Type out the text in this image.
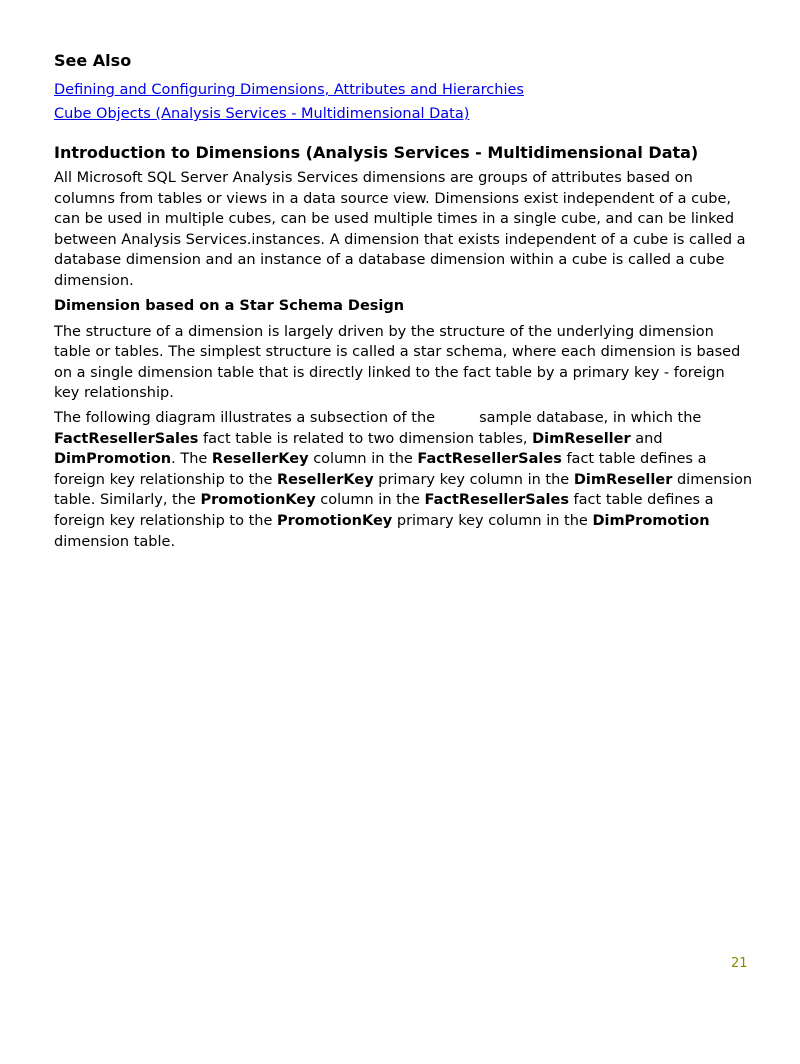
See Also
Defining and Configuring Dimensions, Attributes and Hierarchies
Cube Objects (Analysis Services - Multidimensional Data)
Introduction to Dimensions (Analysis Services - Multidimensional Data)

All Microsoft SQL Server Analysis Services dimensions are groups of attributes based on columns from tables or views in a data source view. Dimensions exist independent of a cube, can be used in multiple cubes, can be used multiple times in a single cube, and can be linked between Analysis Services.instances. A dimension that exists independent of a cube is called a database dimension and an instance of a database dimension within a cube is called a cube dimension.

Dimension based on a Star Schema Design

The structure of a dimension is largely driven by the structure of the underlying dimension table or tables. The simplest structure is called a star schema, where each dimension is based on a single dimension table that is directly linked to the fact table by a primary key - foreign key relationship.

The following diagram illustrates a subsection of the	sample database, in which the
FactResellerSales fact table is related to two dimension tables, DimReseller and
DimPromotion. The ResellerKey column in the FactResellerSales fact table defines a foreign key relationship to the ResellerKey primary key column in the DimReseller dimension table. Similarly, the PromotionKey column in the FactResellerSales fact table defines a foreign key relationship to the PromotionKey primary key column in the DimPromotion dimension table.

21
